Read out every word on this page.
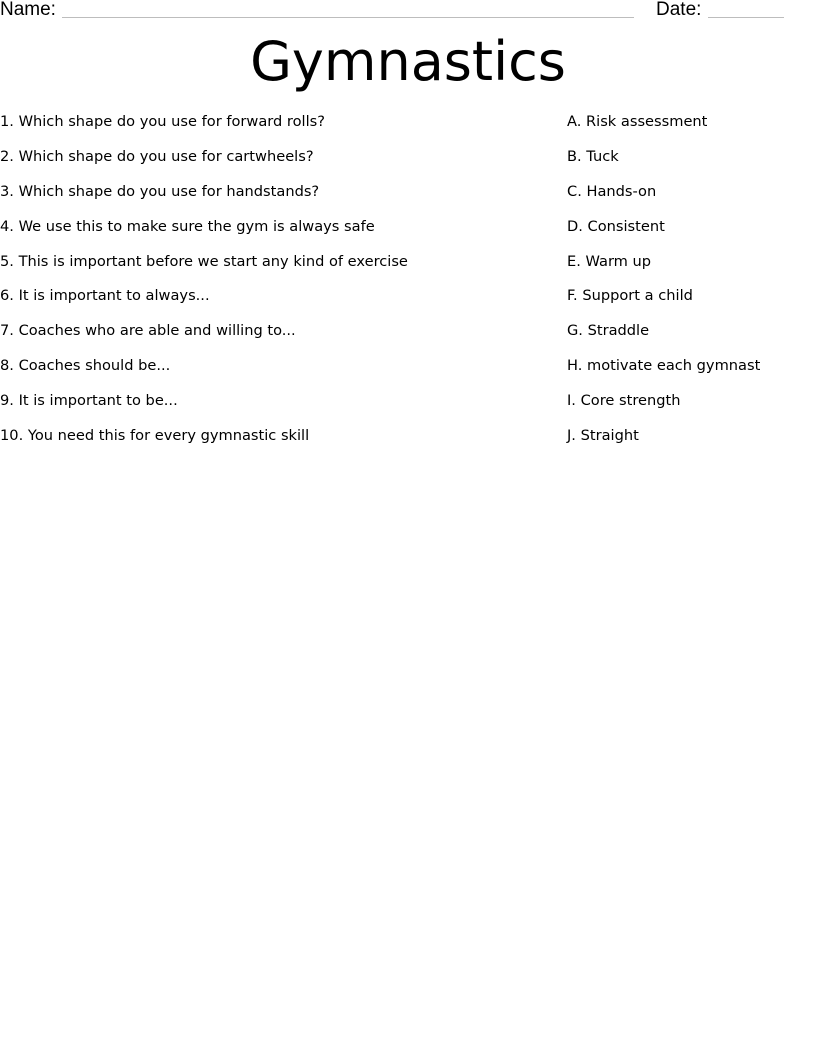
Name:	Date:
Gymnastics
1. Which shape do you use for forward rolls?
2. Which shape do you use for cartwheels?
3. Which shape do you use for handstands?
4. We use this to make sure the gym is always safe
5. This is important before we start any kind of exercise
6. It is important to always...
7. Coaches who are able and willing to...
8. Coaches should be...
9. It is important to be...
10. You need this for every gymnastic skill
A. Risk assessment
B. Tuck
C. Hands-on
D. Consistent
E. Warm up
F. Support a child
G. Straddle
H. motivate each gymnast
I. Core strength
J. Straight
